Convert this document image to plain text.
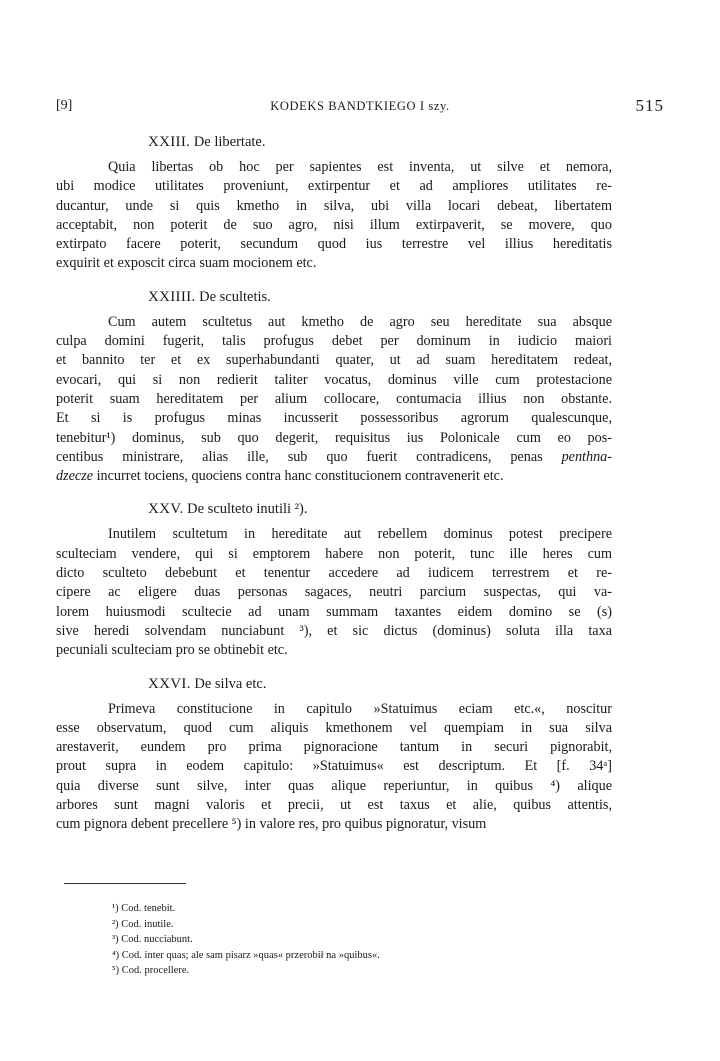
[9]	KODEKS BANDTKIEGO I szy.	515

XXIII. De libertate.

Quia libertas ob hoc per sapientes est inventa, ut silve et nemora,
ubi modice utilitates proveniunt, extirpentur et ad ampliores utilitates re-
ducantur, unde si quis kmetho in silva, ubi villa locari debeat, libertatem
acceptabit, non poterit de suo agro, nisi illum extirpaverit, se movere, quo
extirpato facere poterit, secundum quod ius terrestre vel illius hereditatis
exquirit et exposcit circa suam mocionem etc.

XXIIII. De scultetis.

Cum autem scultetus aut kmetho de agro seu hereditate sua absque
culpa domini fugerit, talis profugus debet per dominum in iudicio maiori
et bannito ter et ex superhabundanti quater, ut ad suam hereditatem redeat,
evocari, qui si non redierit taliter vocatus, dominus ville cum protestacione
poterit suam hereditatem per alium collocare, contumacia illius non obstante.
Et si is profugus minas incusserit possessoribus agrorum qualescunque,
tenebitur¹) dominus, sub quo degerit, requisitus ius Polonicale cum eo pos-
centibus ministrare, alias ille, sub quo fuerit contradicens, penas penthna-
dzecze incurret tociens, quociens contra hanc constitucionem contravenerit etc.

XXV. De sculteto inutili ²).

Inutilem scultetum in hereditate aut rebellem dominus potest precipere
sculteciam vendere, qui si emptorem habere non poterit, tunc ille heres cum
dicto sculteto debebunt et tenentur accedere ad iudicem terrestrem et re-
cipere ac eligere duas personas sagaces, neutri parcium suspectas, qui va-
lorem huiusmodi scultecie ad unam summam taxantes eidem domino se (s)
sive heredi solvendam nunciabunt ³), et sic dictus (dominus) soluta illa taxa
pecuniali sculteciam pro se obtinebit etc.

XXVI. De silva etc.

Primeva constitucione in capitulo »Statuimus eciam etc.«, noscitur
esse observatum, quod cum aliquis kmethonem vel quempiam in sua silva
arestaverit, eundem pro prima pignoracione tantum in securi pignorabit,
prout supra in eodem capitulo: »Statuimus« est descriptum. Et [f. 34ᵃ]
quia diverse sunt silve, inter quas alique reperiuntur, in quibus ⁴) alique
arbores sunt magni valoris et precii, ut est taxus et alie, quibus attentis,
cum pignora debent precellere ⁵) in valore res, pro quibus pignoratur, visum

¹) Cod. tenebit.
²) Cod. inutile.
³) Cod. nucciabunt.
⁴) Cod. inter quas; ale sam pisarz »quas« przerobił na »quibus«.
⁵) Cod. procellere.
